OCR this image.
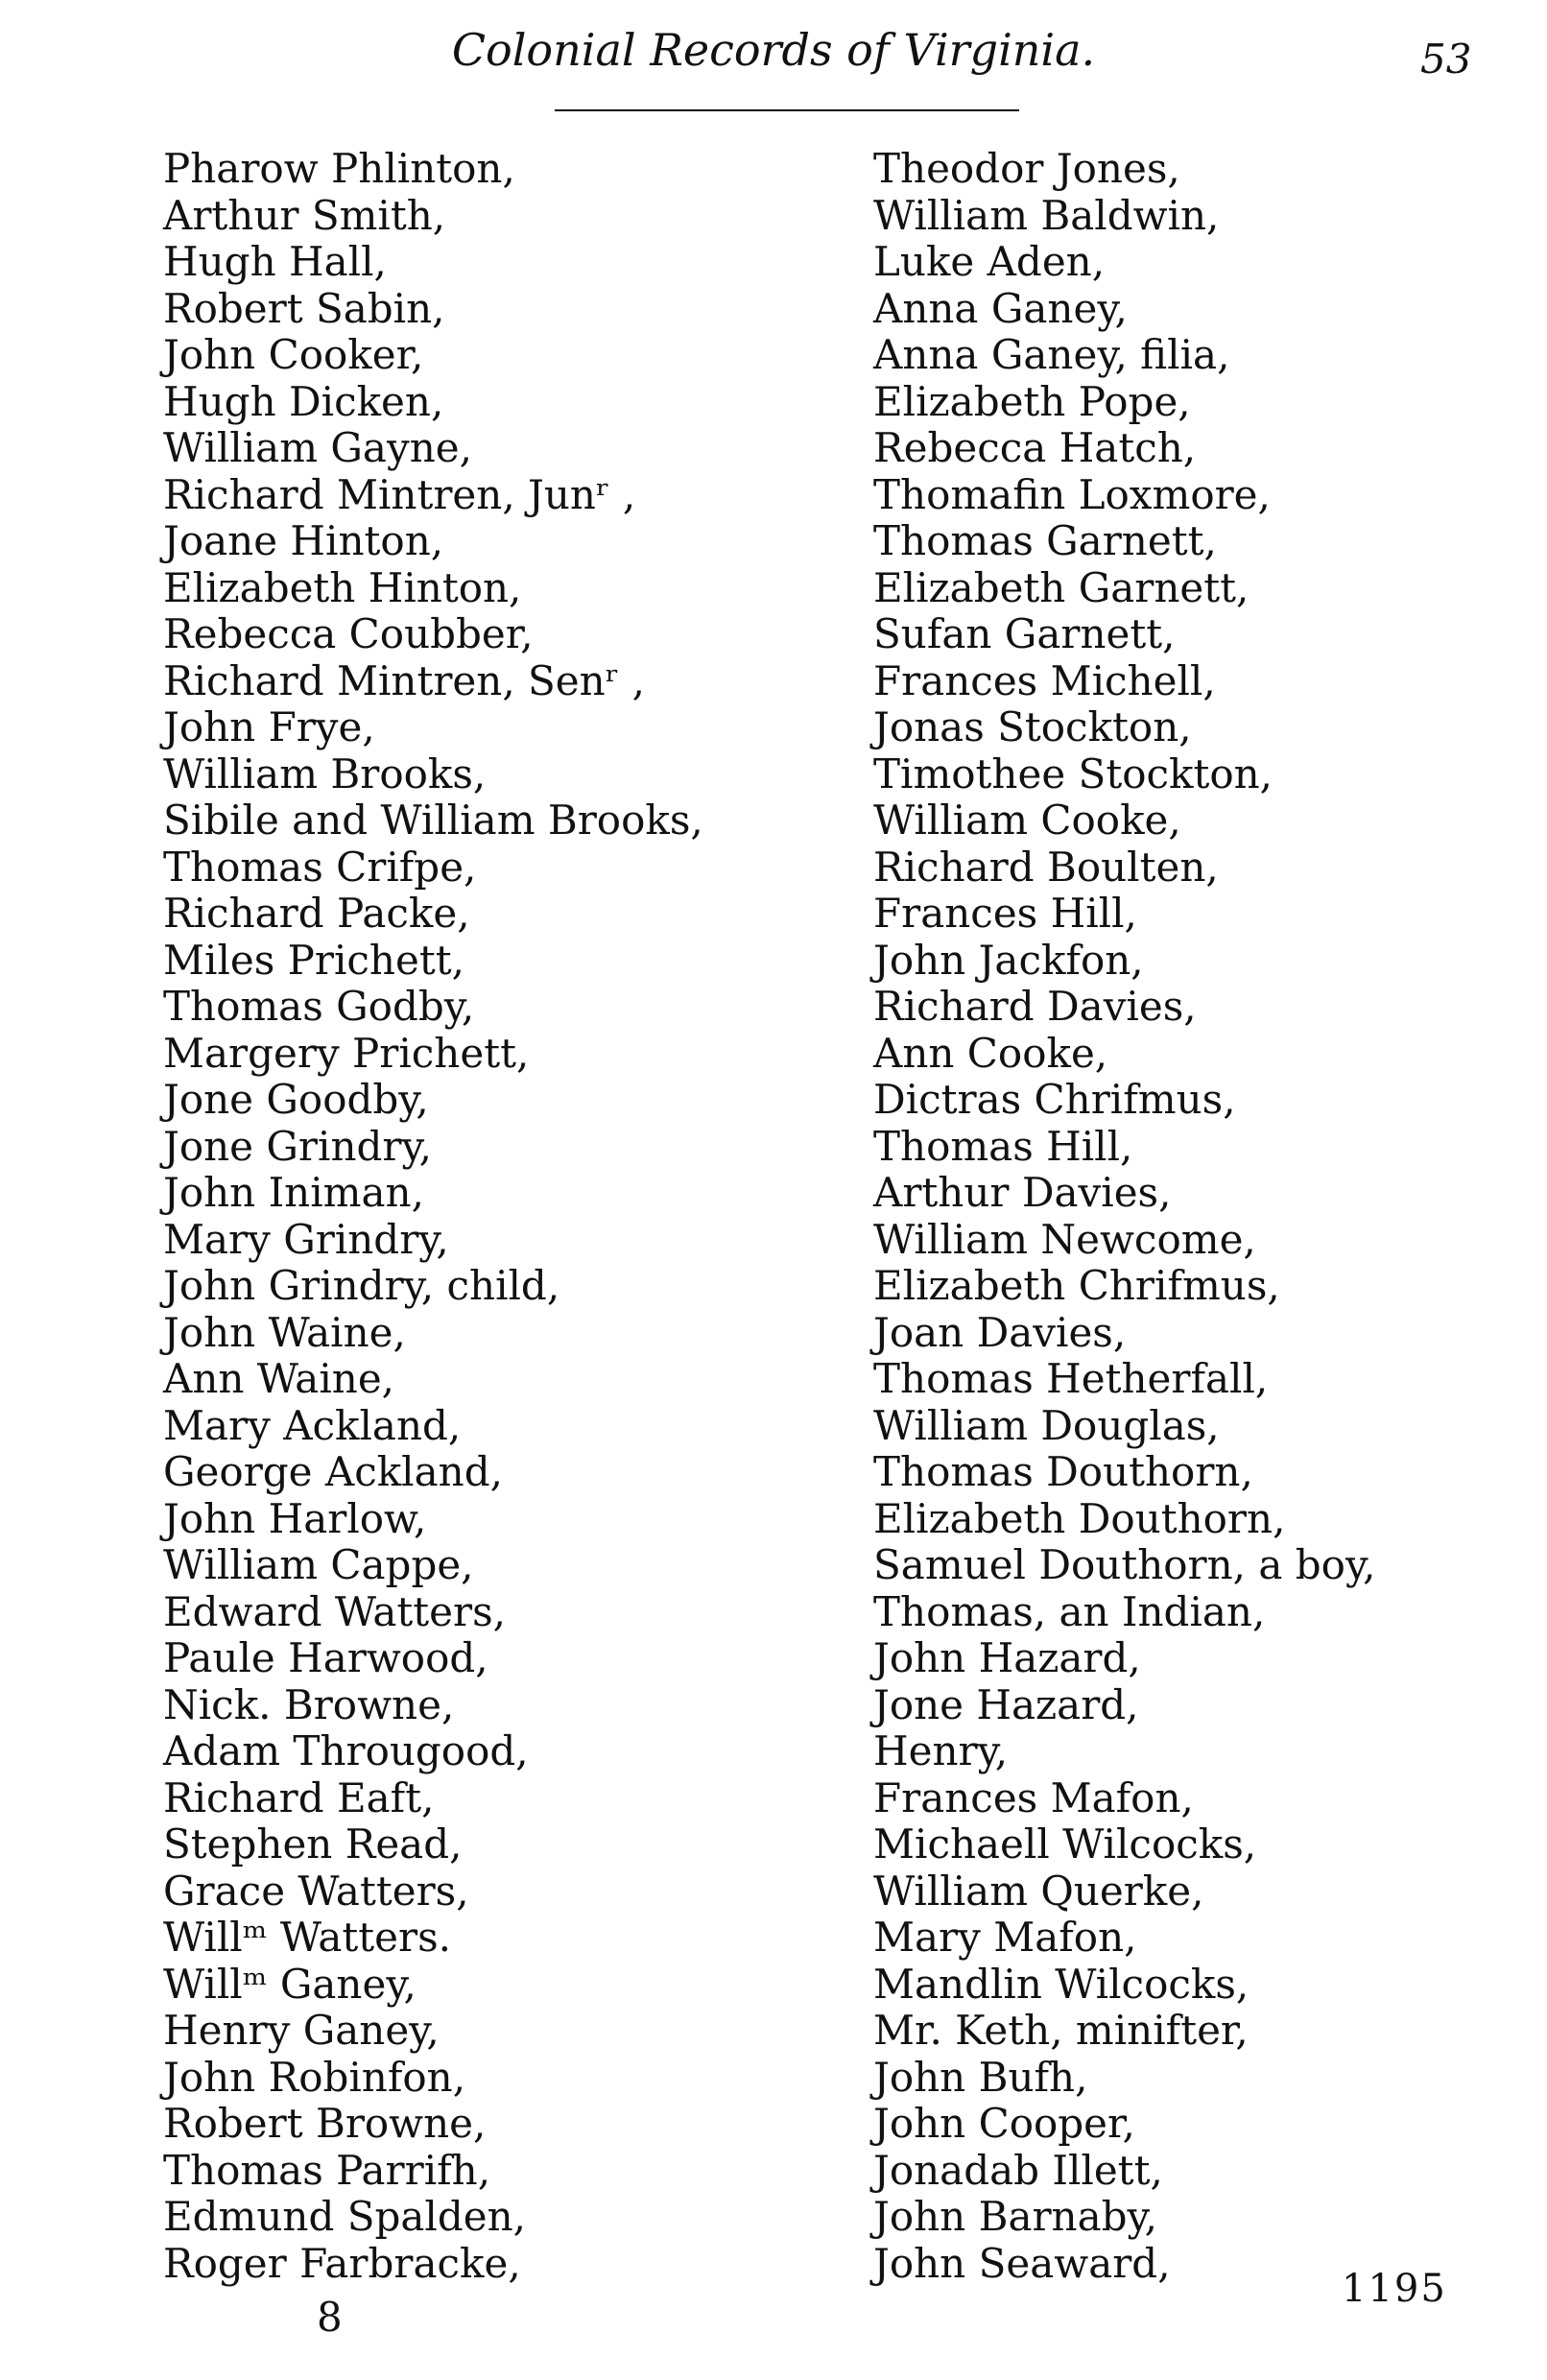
Colonial Records of Virginia.	53
Pharow Phlinton,
Arthur Smith,
Hugh Hall,
Robert Sabin,
John Cooker,
Hugh Dicken,
William Gayne,
Richard Mintren, Junʳ ,
Joane Hinton,
Elizabeth Hinton,
Rebecca Coubber,
Richard Mintren, Senʳ ,
John Frye,
William Brooks,
Sibile and William Brooks,
Thomas Crifpe,
Richard Packe,
Miles Prichett,
Thomas Godby,
Margery Prichett,
Jone Goodby,
Jone Grindry,
John Iniman,
Mary Grindry,
John Grindry, child,
John Waine,
Ann Waine,
Mary Ackland,
George Ackland,
John Harlow,
William Cappe,
Edward Watters,
Paule Harwood,
Nick. Browne,
Adam Througood,
Richard Eaft,
Stephen Read,
Grace Watters,
Willᵐ Watters.
Willᵐ Ganey,
Henry Ganey,
John Robinfon,
Robert Browne,
Thomas Parrifh,
Edmund Spalden,
Roger Farbracke,
Theodor Jones,
William Baldwin,
Luke Aden,
Anna Ganey,
Anna Ganey, filia,
Elizabeth Pope,
Rebecca Hatch,
Thomafin Loxmore,
Thomas Garnett,
Elizabeth Garnett,
Sufan Garnett,
Frances Michell,
Jonas Stockton,
Timothee Stockton,
William Cooke,
Richard Boulten,
Frances Hill,
John Jackfon,
Richard Davies,
Ann Cooke,
Dictras Chrifmus,
Thomas Hill,
Arthur Davies,
William Newcome,
Elizabeth Chrifmus,
Joan Davies,
Thomas Hetherfall,
William Douglas,
Thomas Douthorn,
Elizabeth Douthorn,
Samuel Douthorn, a boy,
Thomas, an Indian,
John Hazard,
Jone Hazard,
Henry,
Frances Mafon,
Michaell Wilcocks,
William Querke,
Mary Mafon,
Mandlin Wilcocks,
Mr. Keth, minifter,
John Bufh,
John Cooper,
Jonadab Illett,
John Barnaby,
John Seaward,
8
1195
